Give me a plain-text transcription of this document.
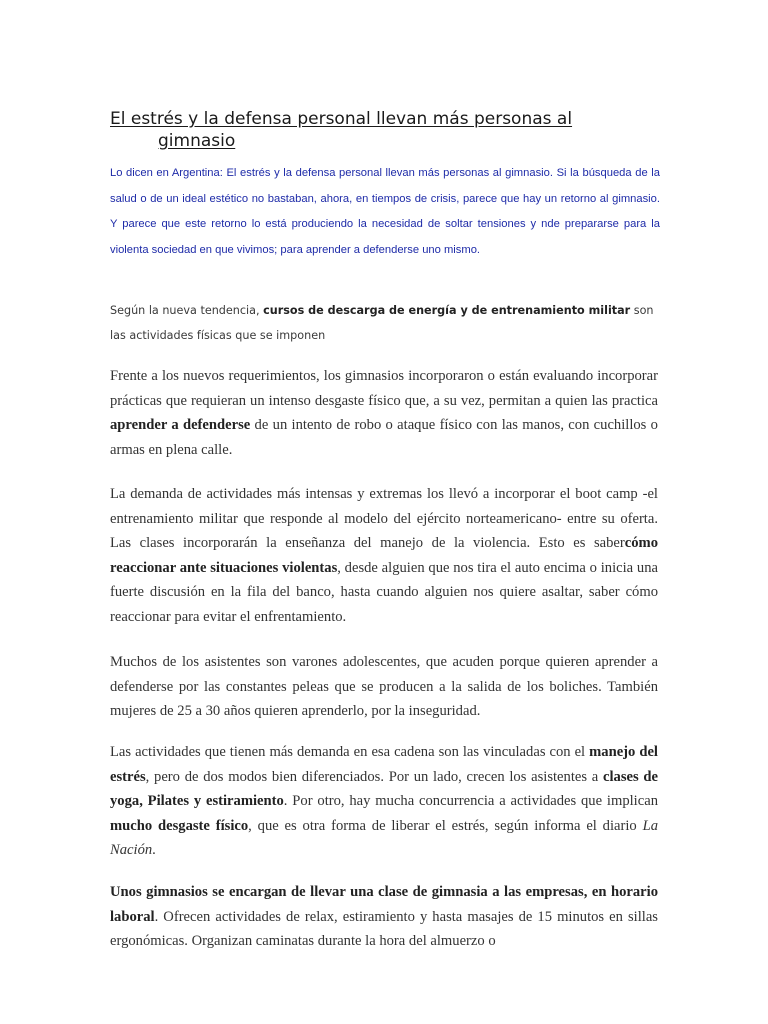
El estrés y la defensa personal llevan más personas al
gimnasio
Lo dicen en Argentina: El estrés y la defensa personal llevan más personas al gimnasio. Si la búsqueda de la salud o de un ideal estético no bastaban, ahora, en tiempos de crisis, parece que hay un retorno al gimnasio. Y parece que este retorno lo está produciendo la necesidad de soltar tensiones y nde prepararse para la violenta sociedad en que vivimos; para aprender a defenderse uno mismo.
Según la nueva tendencia, cursos de descarga de energía y de entrenamiento militar son las actividades físicas que se imponen
Frente a los nuevos requerimientos, los gimnasios incorporaron o están evaluando incorporar prácticas que requieran un intenso desgaste físico que, a su vez, permitan a quien las practica aprender a defenderse de un intento de robo o ataque físico con las manos, con cuchillos o armas en plena calle.
La demanda de actividades más intensas y extremas los llevó a incorporar el boot camp -el entrenamiento militar que responde al modelo del ejército norteamericano- entre su oferta. Las clases incorporarán la enseñanza del manejo de la violencia. Esto es sabercómo reaccionar ante situaciones violentas, desde alguien que nos tira el auto encima o inicia una fuerte discusión en la fila del banco, hasta cuando alguien nos quiere asaltar, saber cómo reaccionar para evitar el enfrentamiento.
Muchos de los asistentes son varones adolescentes, que acuden porque quieren aprender a defenderse por las constantes peleas que se producen a la salida de los boliches. También mujeres de 25 a 30 años quieren aprenderlo, por la inseguridad.
Las actividades que tienen más demanda en esa cadena son las vinculadas con el manejo del estrés, pero de dos modos bien diferenciados. Por un lado, crecen los asistentes a clases de yoga, Pilates y estiramiento. Por otro, hay mucha concurrencia a actividades que implican mucho desgaste físico, que es otra forma de liberar el estrés, según informa el diario La Nación.
Unos gimnasios se encargan de llevar una clase de gimnasia a las empresas, en horario laboral. Ofrecen actividades de relax, estiramiento y hasta masajes de 15 minutos en sillas ergonómicas. Organizan caminatas durante la hora del almuerzo o
